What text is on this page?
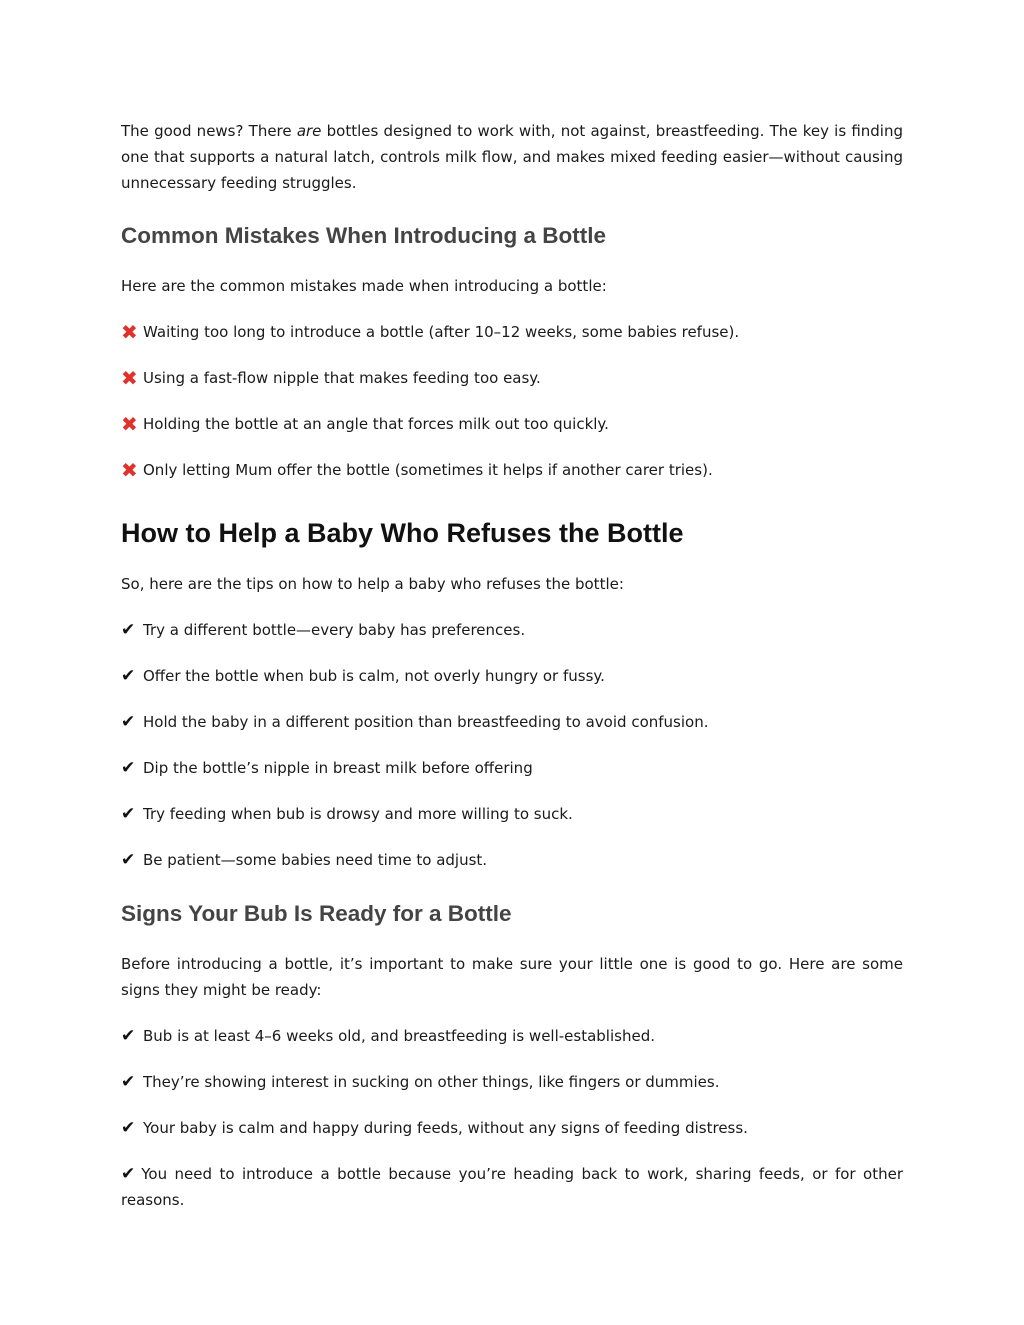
The good news? There are bottles designed to work with, not against, breastfeeding. The key is finding one that supports a natural latch, controls milk flow, and makes mixed feeding easier—without causing unnecessary feeding struggles.

Common Mistakes When Introducing a Bottle

Here are the common mistakes made when introducing a bottle:

✖ Waiting too long to introduce a bottle (after 10–12 weeks, some babies refuse).
✖ Using a fast-flow nipple that makes feeding too easy.
✖ Holding the bottle at an angle that forces milk out too quickly.
✖ Only letting Mum offer the bottle (sometimes it helps if another carer tries).
How to Help a Baby Who Refuses the Bottle

So, here are the tips on how to help a baby who refuses the bottle:

✔ Try a different bottle—every baby has preferences.
✔ Offer the bottle when bub is calm, not overly hungry or fussy.
✔ Hold the baby in a different position than breastfeeding to avoid confusion.
✔ Dip the bottle’s nipple in breast milk before offering
✔ Try feeding when bub is drowsy and more willing to suck.
✔ Be patient—some babies need time to adjust.
Signs Your Bub Is Ready for a Bottle

Before introducing a bottle, it’s important to make sure your little one is good to go. Here are some signs they might be ready:

✔ Bub is at least 4–6 weeks old, and breastfeeding is well-established.
✔ They’re showing interest in sucking on other things, like fingers or dummies.
✔ Your baby is calm and happy during feeds, without any signs of feeding distress.

✔ You need to introduce a bottle because you’re heading back to work, sharing feeds, or for other reasons.
